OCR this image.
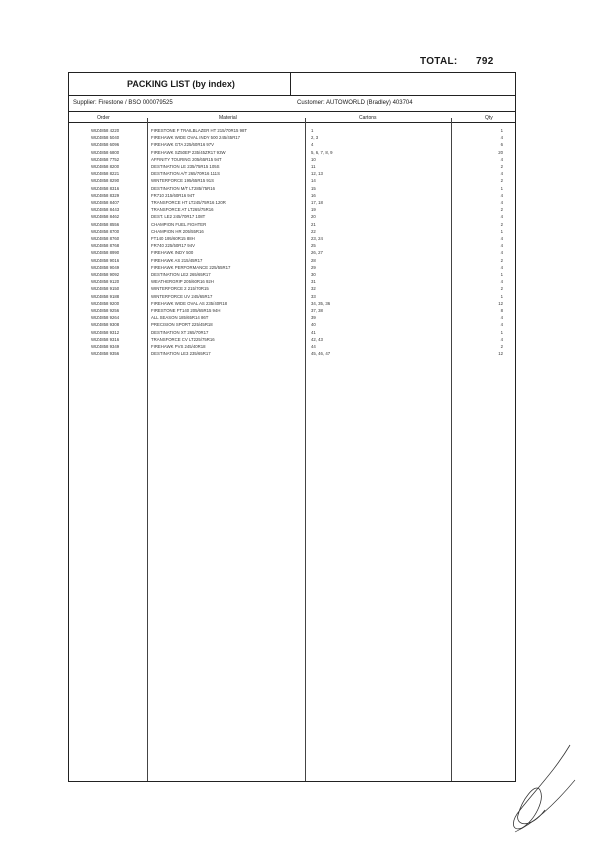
TOTAL: 792
PACKING LIST (by index)
Supplier: Firestone / BSO 000079525	Customer: AUTOWORLD (Bradley) 403704
Order	Material	Cartons	Qty
WIZ4858 4220	FIRESTONE F TRAILBLAZER HT 215/70R15 98T	1	1
WIZ4858 5040	FIREHAWK WIDE OVAL INDY 500 245/45R17	2, 3	4
WIZ4858 6096	FIREHAWK GTA 225/60R16 97V	4	6
WIZ4858 6800	FIREHAWK SZ50EP 235/45ZR17 93W	5, 6, 7, 8, 9	20
WIZ4858 7752	AFFINITY TOURING 205/65R15 94T	10	4
WIZ4858 8200	DESTINATION LE 235/75R15 105S	11	2
WIZ4858 8221	DESTINATION A/T 265/70R16 111S	12, 13	4
WIZ4858 8290	WINTERFORCE 195/65R15 91S	14	2
WIZ4858 8316	DESTINATION M/T LT285/75R16	15	1
WIZ4858 8329	FR710 215/60R16 94T	16	4
WIZ4858 8407	TRANSFORCE HT LT245/75R16 120R	17, 18	4
WIZ4858 8443	TRANSFORCE AT LT265/75R16	19	2
WIZ4858 8462	DEST. LE2 245/70R17 108T	20	4
WIZ4858 8556	CHAMPION FUEL FIGHTER	21	2
WIZ4858 8700	CHAMPION HR 205/55R16	22	1
WIZ4858 8760	FT140 195/60R15 88H	23, 24	4
WIZ4858 8768	FR740 225/50R17 94V	25	4
WIZ4858 8990	FIREHAWK INDY 500	26, 27	4
WIZ4858 9016	FIREHAWK AS 215/45R17	28	2
WIZ4858 9049	FIREHAWK PERFORMANCE 225/55R17	29	4
WIZ4858 9092	DESTINATION LE2 265/65R17	30	1
WIZ4858 9120	WEATHERGRIP 205/60R16 92H	31	4
WIZ4858 9150	WINTERFORCE 2 215/70R15	32	2
WIZ4858 9188	WINTERFORCE UV 245/65R17	33	1
WIZ4858 9200	FIREHAWK WIDE OVAL AS 235/40R18	34, 35, 36	12
WIZ4858 9256	FIRESTONE FT140 205/65R15 94H	37, 38	8
WIZ4858 9264	ALL SEASON 185/65R14 86T	39	4
WIZ4858 9308	PRECISION SPORT 225/45R18	40	4
WIZ4858 9312	DESTINATION XT 265/70R17	41	1
WIZ4858 9316	TRANSFORCE CV LT225/75R16	42, 43	4
WIZ4858 9349	FIREHAWK PVS 245/40R18	44	2
WIZ4858 9356	DESTINATION LE3 235/65R17	45, 46, 47	12
